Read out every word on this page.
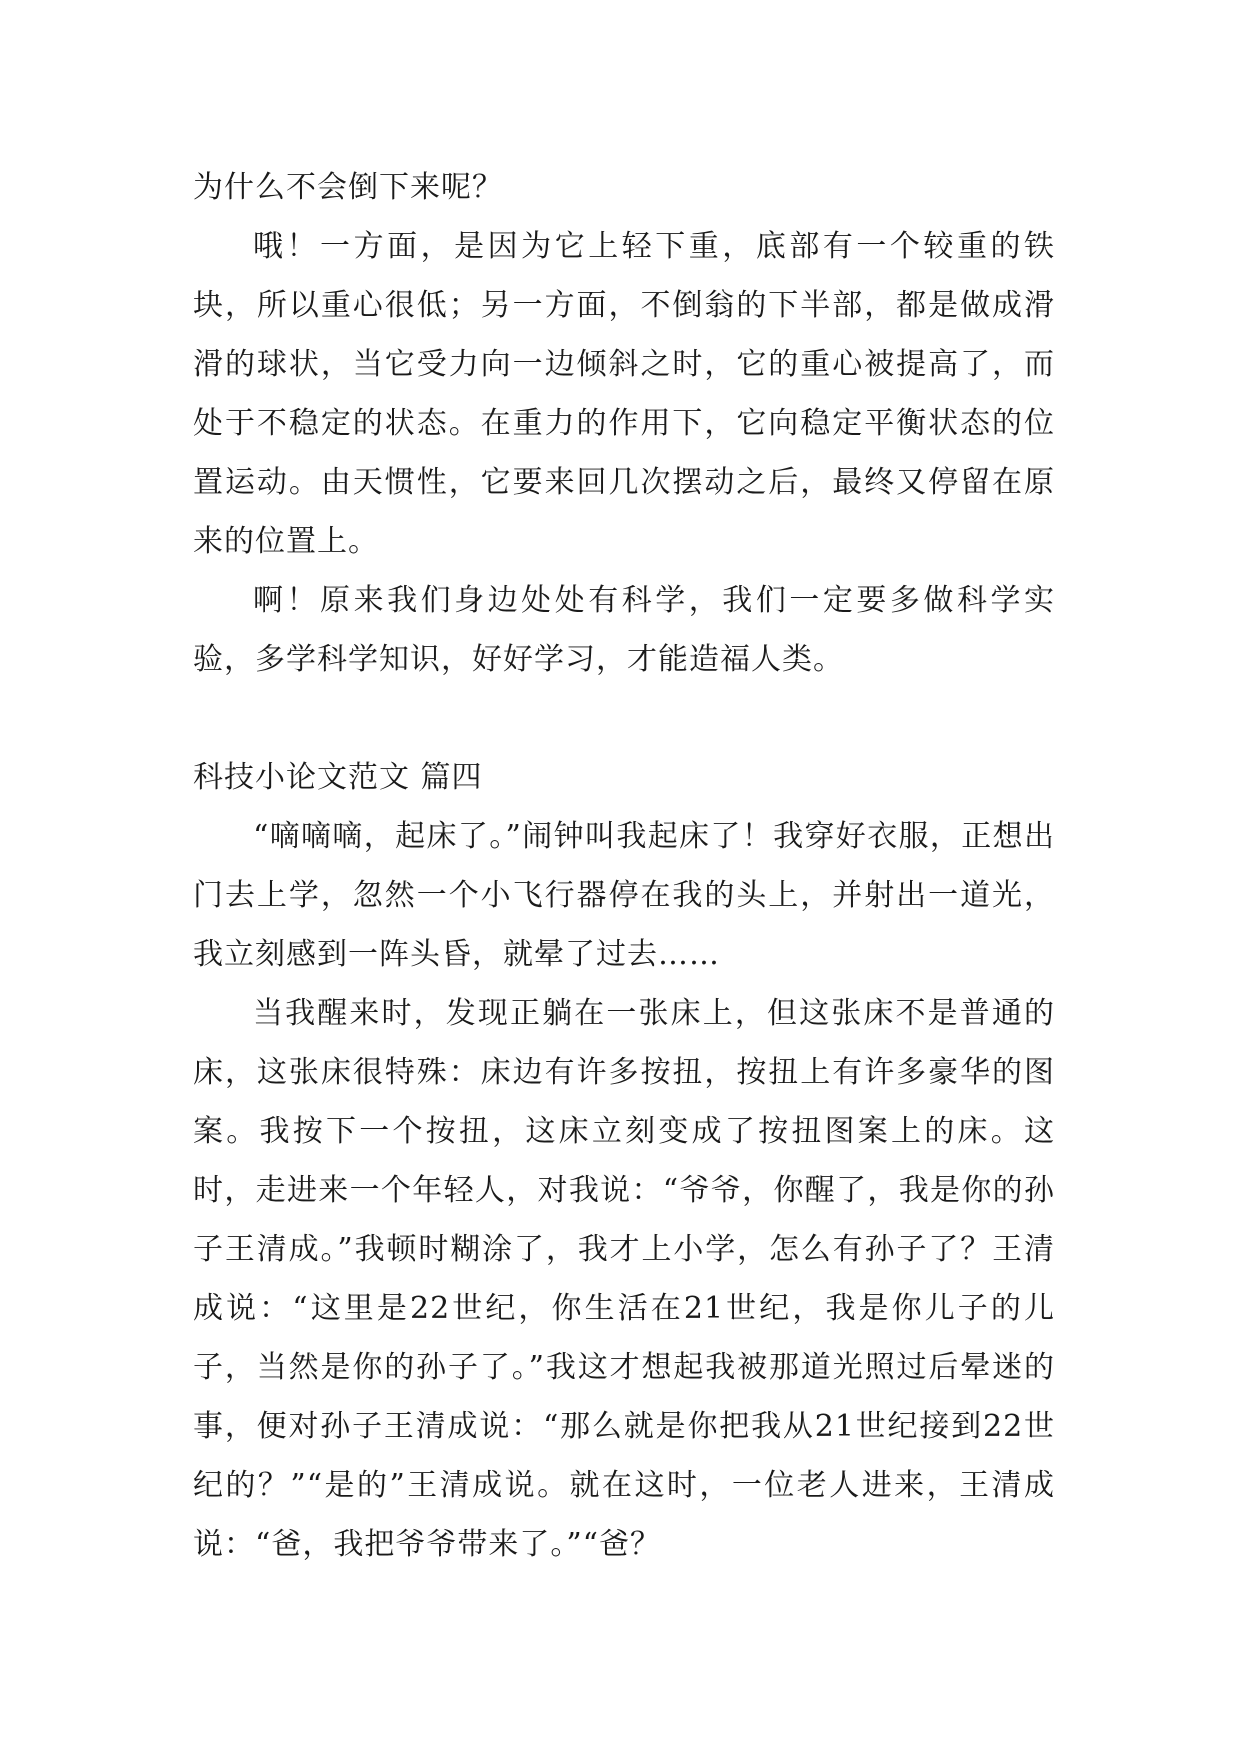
为什么不会倒下来呢？

哦！一方面，是因为它上轻下重，底部有一个较重的铁块，所以重心很低；另一方面，不倒翁的下半部，都是做成滑滑的球状，当它受力向一边倾斜之时，它的重心被提高了，而处于不稳定的状态。在重力的作用下，它向稳定平衡状态的位置运动。由天惯性，它要来回几次摆动之后，最终又停留在原来的位置上。

啊！原来我们身边处处有科学，我们一定要多做科学实验，多学科学知识，好好学习，才能造福人类。

科技小论文范文 篇四

“嘀嘀嘀，起床了。”闹钟叫我起床了！我穿好衣服，正想出门去上学，忽然一个小飞行器停在我的头上，并射出一道光，我立刻感到一阵头昏，就晕了过去……

当我醒来时，发现正躺在一张床上，但这张床不是普通的床，这张床很特殊：床边有许多按扭，按扭上有许多豪华的图案。我按下一个按扭，这床立刻变成了按扭图案上的床。这时，走进来一个年轻人，对我说：“爷爷，你醒了，我是你的孙子王清成。”我顿时糊涂了，我才上小学，怎么有孙子了？王清成说：“这里是22世纪，你生活在21世纪，我是你儿子的儿子，当然是你的孙子了。”我这才想起我被那道光照过后晕迷的事，便对孙子王清成说：“那么就是你把我从21世纪接到22世纪的？”“是的”王清成说。就在这时，一位老人进来，王清成说：“爸，我把爷爷带来了。”“爸？
